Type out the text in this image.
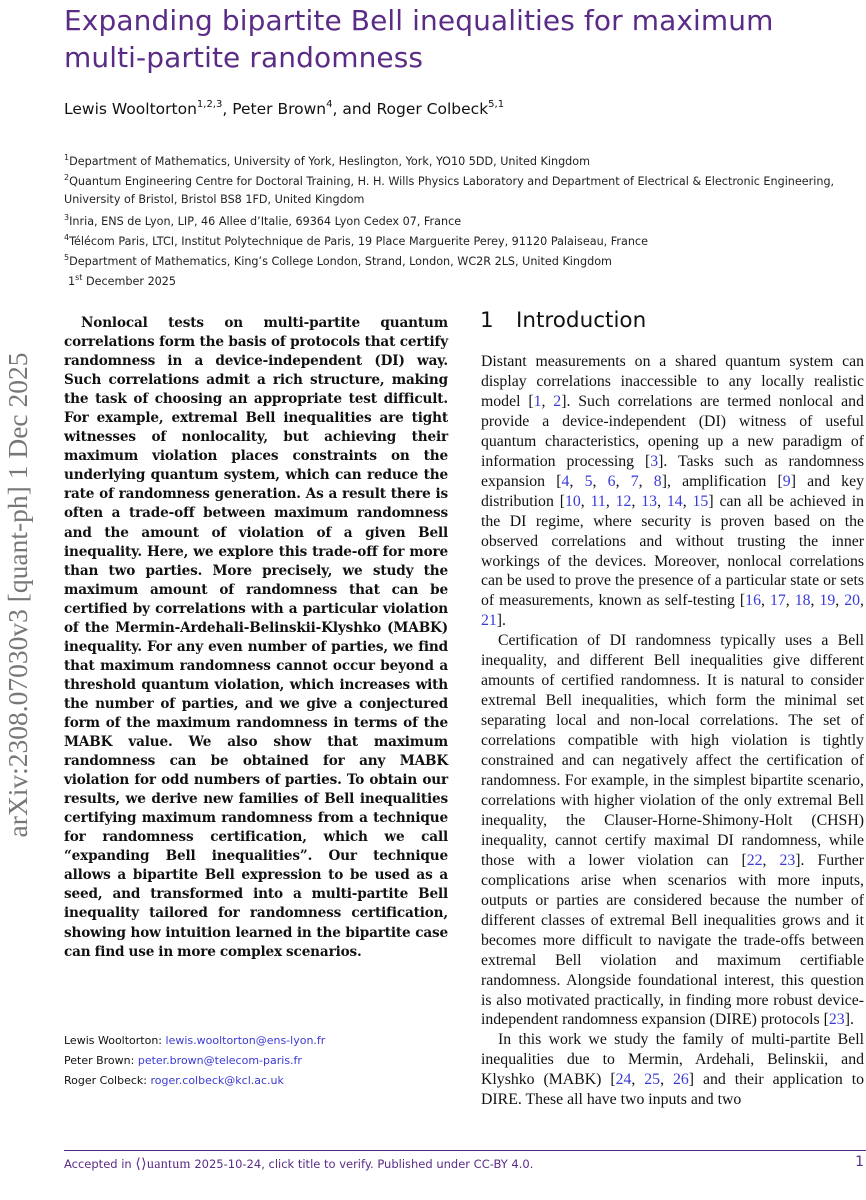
Expanding bipartite Bell inequalities for maximum multi-partite randomness
Lewis Wooltorton$^{1,2,3}$, Peter Brown$^4$, and Roger Colbeck$^{5,1}$
$^1$Department of Mathematics, University of York, Heslington, York, YO10 5DD, United Kingdom
$^2$Quantum Engineering Centre for Doctoral Training, H. H. Wills Physics Laboratory and Department of Electrical & Electronic Engineering,
University of Bristol, Bristol BS8 1FD, United Kingdom
$^3$Inria, ENS de Lyon, LIP, 46 Allee d’Italie, 69364 Lyon Cedex 07, France
$^4$Télécom Paris, LTCI, Institut Polytechnique de Paris, 19 Place Marguerite Perey, 91120 Palaiseau, France
$^5$Department of Mathematics, King’s College London, Strand, London, WC2R 2LS, United Kingdom
1st December 2025
arXiv:2308.07030v3 [quant-ph] 1 Dec 2025

Nonlocal tests on multi-partite quantum correlations form the basis of protocols that certify randomness in a device-independent (DI) way. Such correlations admit a rich structure, making the task of choosing an appropriate test difficult. For example, extremal Bell inequalities are tight witnesses of nonlocality, but achieving their maximum violation places constraints on the underlying quantum system, which can reduce the rate of randomness generation. As a result there is often a trade-off between maximum randomness and the amount of violation of a given Bell inequality. Here, we explore this trade-off for more than two parties. More precisely, we study the maximum amount of randomness that can be certified by correlations with a particular violation of the Mermin-Ardehali-Belinskii-Klyshko (MABK) inequality. For any even number of parties, we find that maximum randomness cannot occur beyond a threshold quantum violation, which increases with the number of parties, and we give a conjectured form of the maximum randomness in terms of the MABK value. We also show that maximum randomness can be obtained for any MABK violation for odd numbers of parties. To obtain our results, we derive new families of Bell inequalities certifying maximum randomness from a technique for randomness certification, which we call “expanding Bell inequalities”. Our technique allows a bipartite Bell expression to be used as a seed, and transformed into a multi-partite Bell inequality tailored for randomness certification, showing how intuition learned in the bipartite case can find use in more complex scenarios.

Lewis Wooltorton: lewis.wooltorton@ens-lyon.fr
Peter Brown: peter.brown@telecom-paris.fr
Roger Colbeck: roger.colbeck@kcl.ac.uk
1 Introduction

Distant measurements on a shared quantum system can display correlations inaccessible to any locally realistic model [1, 2]. Such correlations are termed nonlocal and provide a device-independent (DI) witness of useful quantum characteristics, opening up a new paradigm of information processing [3]. Tasks such as randomness expansion [4, 5, 6, 7, 8], amplification [9] and key distribution [10, 11, 12, 13, 14, 15] can all be achieved in the DI regime, where security is proven based on the observed correlations and without trusting the inner workings of the devices. Moreover, nonlocal correlations can be used to prove the presence of a particular state or sets of measurements, known as self-testing [16, 17, 18, 19, 20, 21].

Certification of DI randomness typically uses a Bell inequality, and different Bell inequalities give different amounts of certified randomness. It is natural to consider extremal Bell inequalities, which form the minimal set separating local and non-local correlations. The set of correlations compatible with high violation is tightly constrained and can negatively affect the certification of randomness. For example, in the simplest bipartite scenario, correlations with higher violation of the only extremal Bell inequality, the Clauser-Horne-Shimony-Holt (CHSH) inequality, cannot certify maximal DI randomness, while those with a lower violation can [22, 23]. Further complications arise when scenarios with more inputs, outputs or parties are considered because the number of different classes of extremal Bell inequalities grows and it becomes more difficult to navigate the trade-offs between extremal Bell violation and maximum certifiable randomness. Alongside foundational interest, this question is also motivated practically, in finding more robust device-independent randomness expansion (DIRE) protocols [23].

In this work we study the family of multi-partite Bell inequalities due to Mermin, Ardehali, Belinskii, and Klyshko (MABK) [24, 25, 26] and their application to DIRE. These all have two inputs and two

Accepted in ⟨⟩uantum 2025-10-24, click title to verify. Published under CC-BY 4.0.	1
